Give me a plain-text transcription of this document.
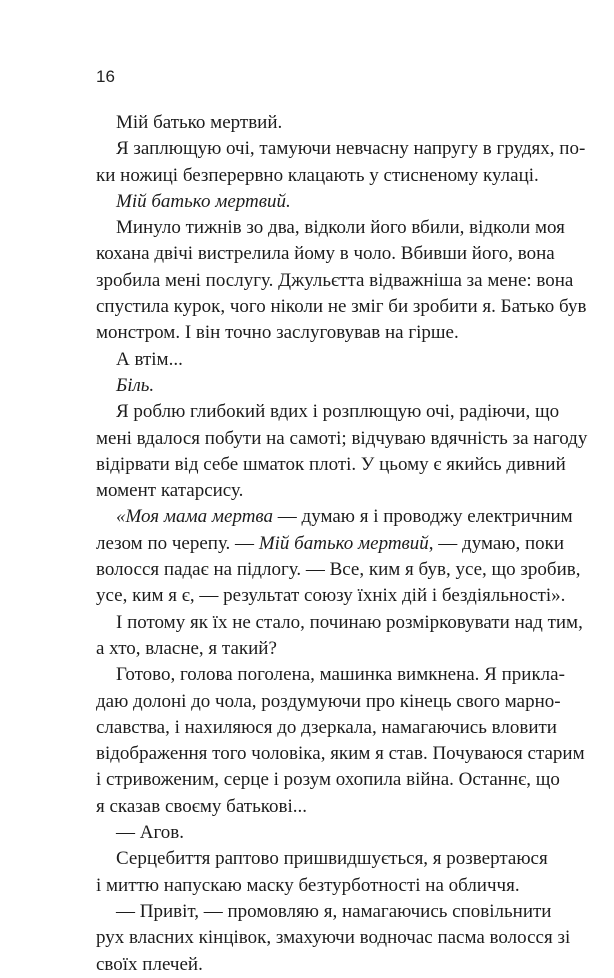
16
Мій батько мертвий.
Я заплющую очі, тамуючи невчасну напругу в грудях, по-
ки ножиці безперервно клацають у стисненому кулаці.
Мій батько мертвий.
Минуло тижнів зо два, відколи його вбили, відколи моя
кохана двічі вистрелила йому в чоло. Вбивши його, вона
зробила мені послугу. Джульєтта відважніша за мене: вона
спустила курок, чого ніколи не зміг би зробити я. Батько був
монстром. І він точно заслуговував на гірше.
А втім...
Біль.
Я роблю глибокий вдих і розплющую очі, радіючи, що
мені вдалося побути на самоті; відчуваю вдячність за нагоду
відірвати від себе шматок плоті. У цьому є якийсь дивний
момент катарсису.
«Моя мама мертва — думаю я і проводжу електричним
лезом по черепу. — Мій батько мертвий, — думаю, поки
волосся падає на підлогу. — Все, ким я був, усе, що зробив,
усе, ким я є, — результат союзу їхніх дій і бездіяльності».
І потому як їх не стало, починаю розмірковувати над тим,
а хто, власне, я такий?
Готово, голова поголена, машинка вимкнена. Я прикла-
даю долоні до чола, роздумуючи про кінець свого марно-
славства, і нахиляюся до дзеркала, намагаючись вловити
відображення того чоловіка, яким я став. Почуваюся старим
і стривоженим, серце і розум охопила війна. Останнє, що
я сказав своєму батькові...
— Агов.
Серцебиття раптово пришвидшується, я розвертаюся
і миттю напускаю маску безтурботності на обличчя.
— Привіт, — промовляю я, намагаючись сповільнити
рух власних кінцівок, змахуючи водночас пасма волосся зі
своїх плечей.
